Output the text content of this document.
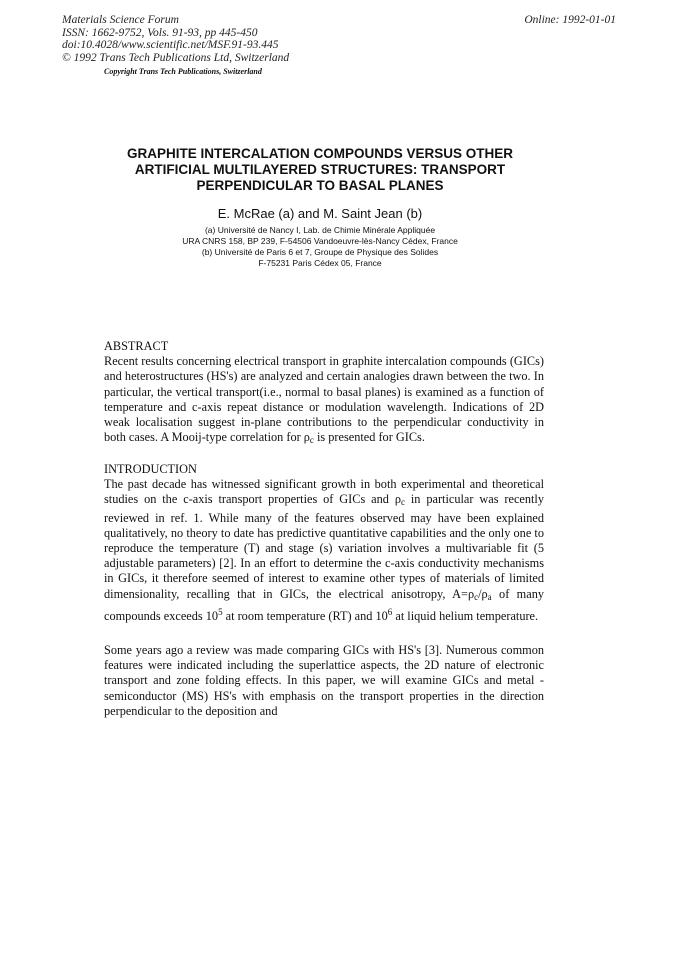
Materials Science Forum
ISSN: 1662-9752, Vols. 91-93, pp 445-450
doi:10.4028/www.scientific.net/MSF.91-93.445
© 1992 Trans Tech Publications Ltd, Switzerland
Online: 1992-01-01
Copyright Trans Tech Publications, Switzerland
GRAPHITE INTERCALATION COMPOUNDS VERSUS OTHER
ARTIFICIAL MULTILAYERED STRUCTURES: TRANSPORT
PERPENDICULAR TO BASAL PLANES
E. McRae (a) and M. Saint Jean (b)
(a) Université de Nancy I, Lab. de Chimie Minérale Appliquée
URA CNRS 158, BP 239, F-54506 Vandoeuvre-lès-Nancy Cédex, France
(b) Université de Paris 6 et 7, Groupe de Physique des Solides
F-75231 Paris Cédex 05, France
ABSTRACT

Recent results concerning electrical transport in graphite intercalation compounds (GICs) and heterostructures (HS's) are analyzed and certain analogies drawn between the two. In particular, the vertical transport(i.e., normal to basal planes) is examined as a function of temperature and c-axis repeat distance or modulation wavelength. Indications of 2D weak localisation suggest in-plane contributions to the perpendicular conductivity in both cases. A Mooij-type correlation for $\rho_c$ is presented for GICs.

INTRODUCTION

The past decade has witnessed significant growth in both experimental and theoretical studies on the c-axis transport properties of GICs and $\rho_c$ in particular was recently reviewed in ref. 1. While many of the features observed may have been explained qualitatively, no theory to date has predictive quantitative capabilities and the only one to reproduce the temperature (T) and stage (s) variation involves a multivariable fit (5 adjustable parameters) [2]. In an effort to determine the c-axis conductivity mechanisms in GICs, it therefore seemed of interest to examine other types of materials of limited dimensionality, recalling that in GICs, the electrical anisotropy, $A=\rho_c/\rho_a$ of many compounds exceeds $10^5$ at room temperature (RT) and $10^6$ at liquid helium temperature.

Some years ago a review was made comparing GICs with HS's [3]. Numerous common features were indicated including the superlattice aspects, the 2D nature of electronic transport and zone folding effects. In this paper, we will examine GICs and metal - semiconductor (MS) HS's with emphasis on the transport properties in the direction perpendicular to the deposition and
